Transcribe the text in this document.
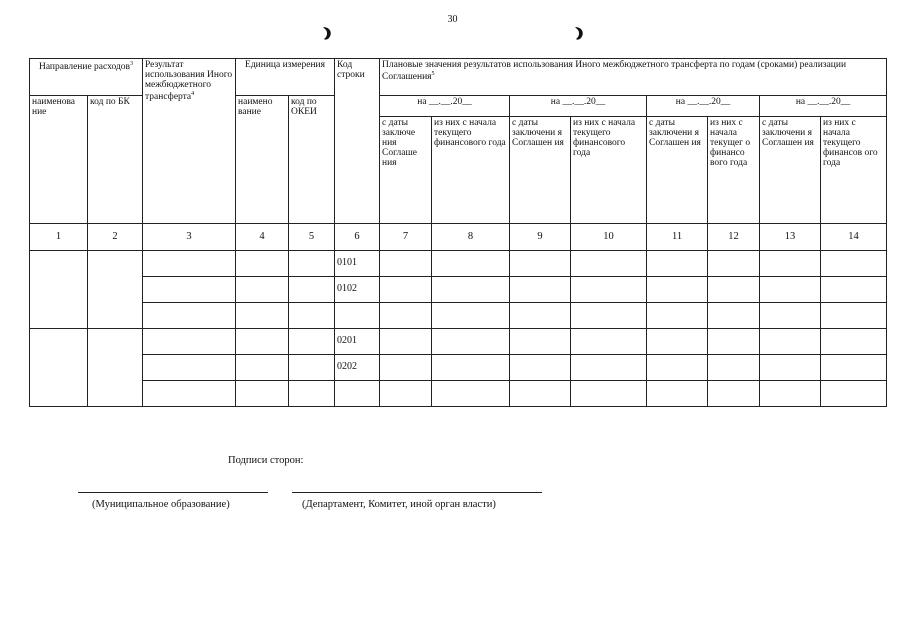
30
Направление расходов$^3$		Результат использования Иного межбюджетного трансферта$^4$	Единица измерения		Код строки	Плановые значения результатов использования Иного межбюджетного трансферта по годам (сроками) реализации Соглашения$^5$
наименова ние	код по БК		наимено вание	код по ОКЕИ		на __.__.20__		на __.__.20__		на __.__.20__		на __.__.20__	
						с даты заключе ния Соглаше ния	из них с начала текущего финансового года	с даты заключени я Соглашен ия	из них с начала текущего финансового года	с даты заключени я Соглашен ия	из них с начала текущег о финансо вого года	с даты заключени я Соглашен ия	из них с начала текущего финансов ого года
1	2	3	4	5	6	7	8	9	10	11	12	13	14
					0101								
					0102								

					0201								
					0202								

Подписи сторон:
(Муниципальное образование)	(Департамент, Комитет, иной орган власти)
